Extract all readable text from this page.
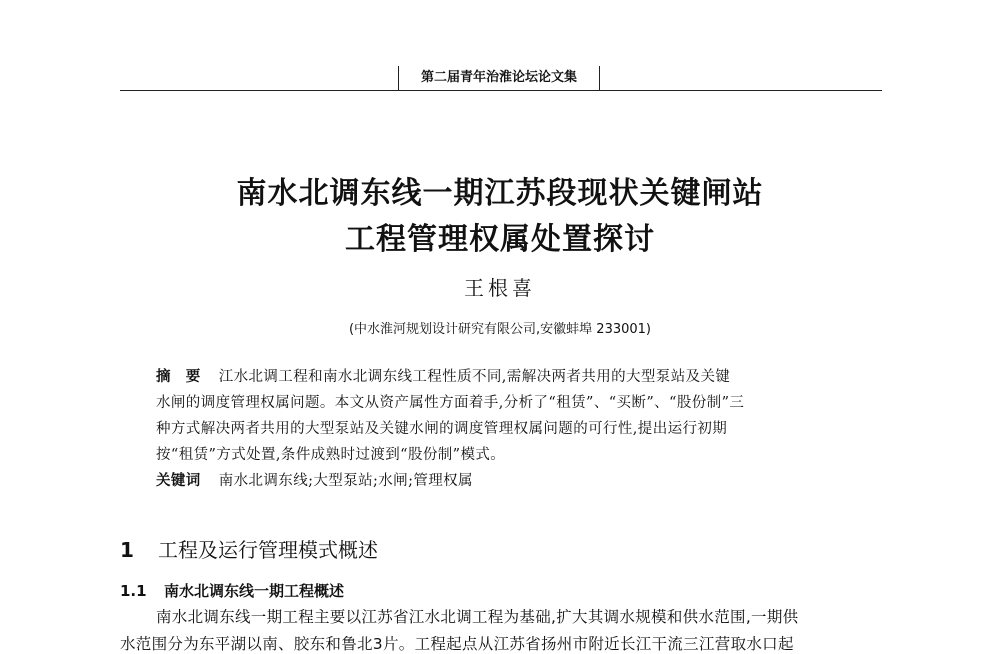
第二届青年治淮论坛论文集
南水北调东线一期江苏段现状关键闸站
工程管理权属处置探讨
王根喜
(中水淮河规划设计研究有限公司,安徽蚌埠 233001)
摘　要 江水北调工程和南水北调东线工程性质不同,需解决两者共用的大型泵站及关键
水闸的调度管理权属问题。本文从资产属性方面着手,分析了“租赁”、“买断”、“股份制”三
种方式解决两者共用的大型泵站及关键水闸的调度管理权属问题的可行性,提出运行初期
按“租赁”方式处置,条件成熟时过渡到“股份制”模式。
关键词 南水北调东线;大型泵站;水闸;管理权属
1 工程及运行管理模式概述
1.1 南水北调东线一期工程概述
南水北调东线一期工程主要以江苏省江水北调工程为基础,扩大其调水规模和供水范围,一期供
水范围分为东平湖以南、胶东和鲁北3片。工程起点从江苏省扬州市附近长江干流三江营取水口起
